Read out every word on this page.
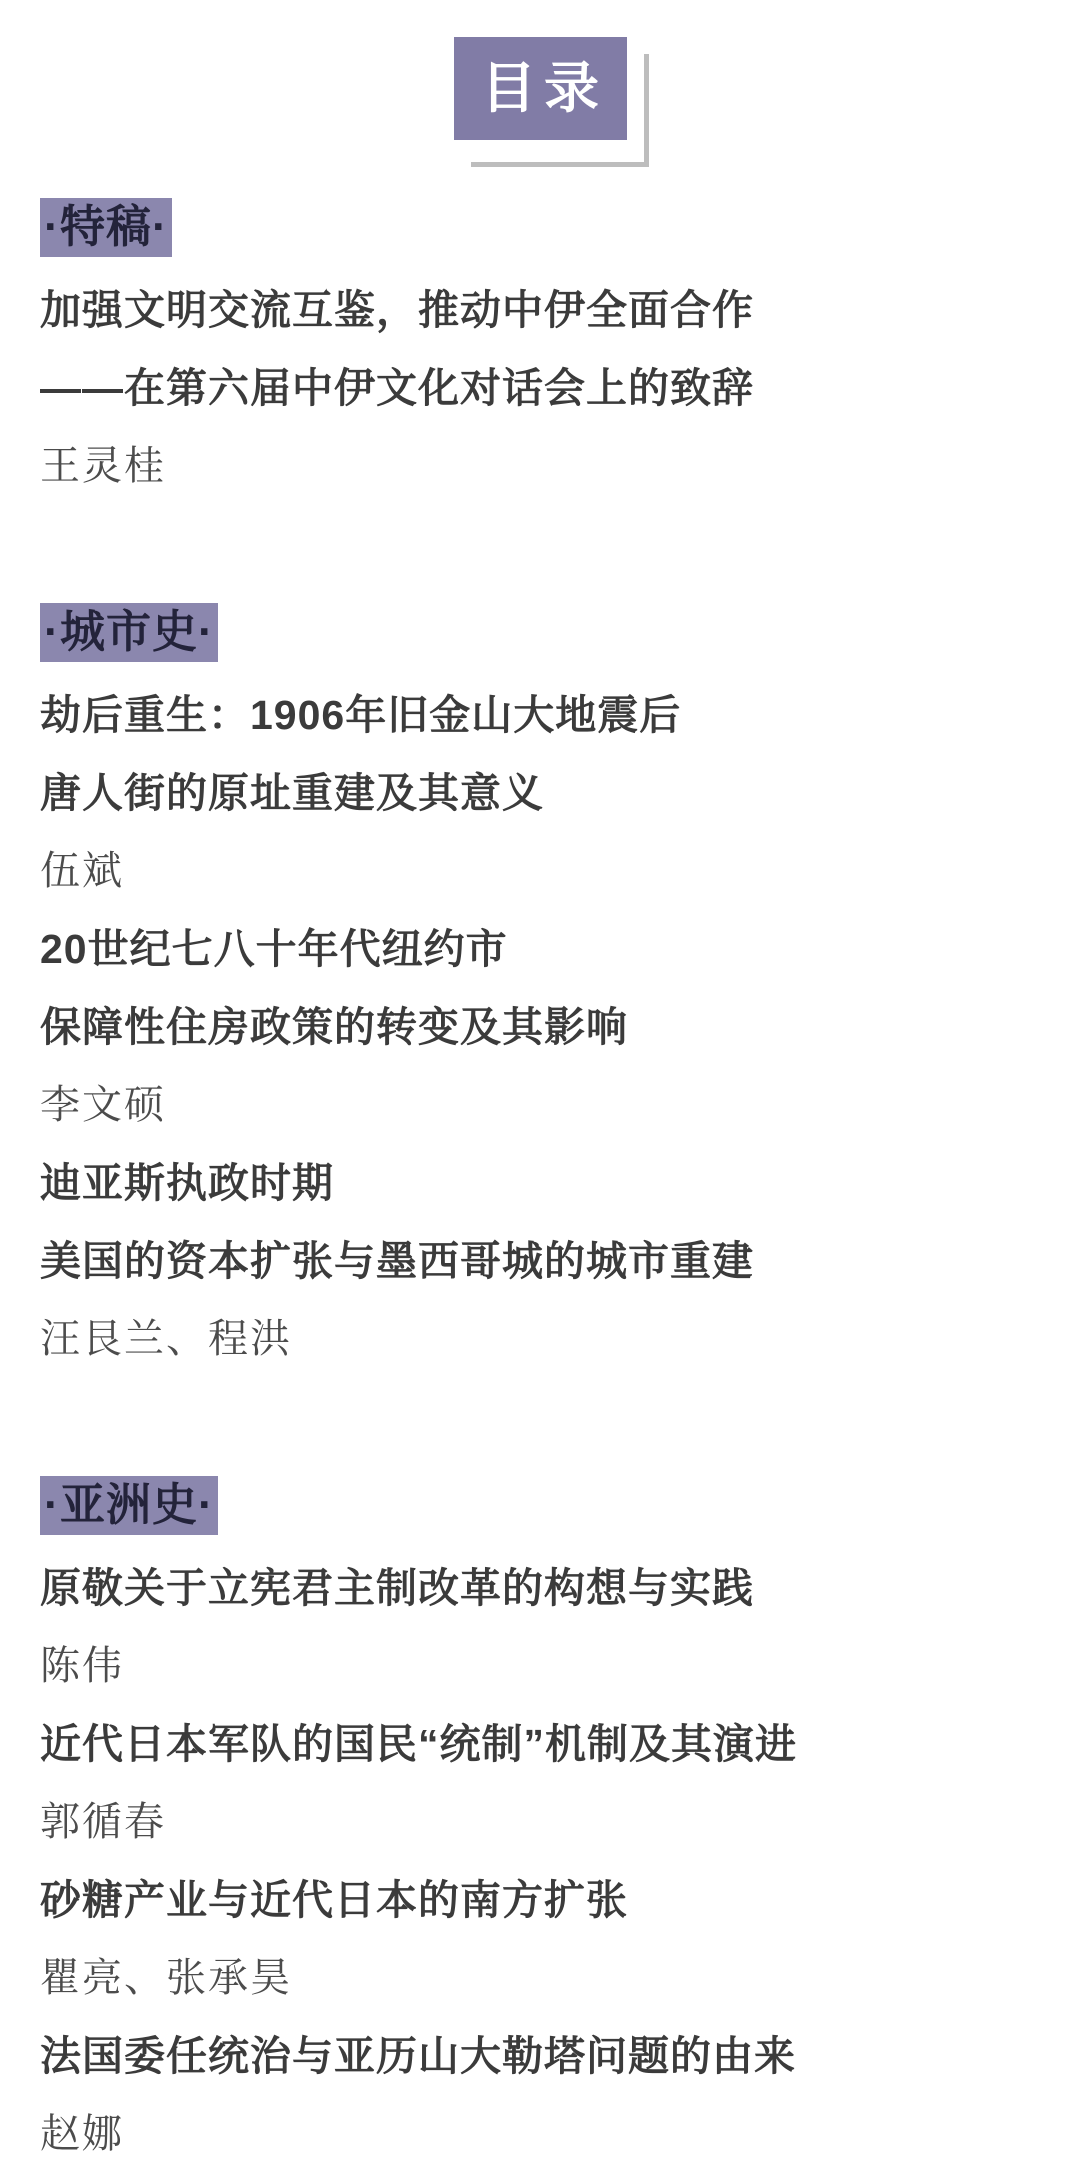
目录
·特稿·
加强文明交流互鉴，推动中伊全面合作
——在第六届中伊文化对话会上的致辞
王灵桂
·城市史·
劫后重生：1906年旧金山大地震后
唐人街的原址重建及其意义
伍斌
20世纪七八十年代纽约市
保障性住房政策的转变及其影响
李文硕
迪亚斯执政时期
美国的资本扩张与墨西哥城的城市重建
汪艮兰、程洪
·亚洲史·
原敬关于立宪君主制改革的构想与实践
陈伟
近代日本军队的国民“统制”机制及其演进
郭循春
砂糖产业与近代日本的南方扩张
瞿亮、张承昊
法国委任统治与亚历山大勒塔问题的由来
赵娜
